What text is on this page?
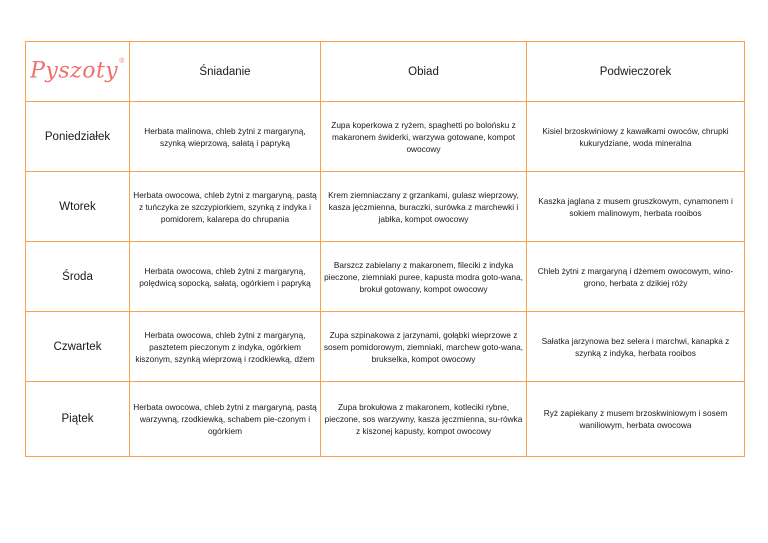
Pyszoty®	Śniadanie	Obiad	Podwieczorek
Poniedziałek	Herbata malinowa, chleb żytni z margaryną, szynką wieprzową, sałatą i papryką	Zupa koperkowa z ryżem, spaghetti po bolońsku z makaronem świderki, warzywa gotowane, kompot owocowy	Kisiel brzoskwiniowy z kawałkami owoców, chrupki kukurydziane, woda mineralna
Wtorek	Herbata owocowa, chleb żytni z margaryną, pastą z tuńczyka ze szczypiorkiem, szynką z indyka i pomidorem, kalarepa do chrupania	Krem ziemniaczany z grzankami, gulasz wieprzowy, kasza jęczmienna, buraczki, surówka z marchewki i jabłka, kompot owocowy	Kaszka jaglana z musem gruszkowym, cynamonem i sokiem malinowym, herbata rooibos
Środa	Herbata owocowa, chleb żytni z margaryną, polędwicą sopocką, sałatą, ogórkiem i papryką	Barszcz zabielany z makaronem, fileciki z indyka pieczone, ziemniaki puree, kapusta modra goto-wana, brokuł gotowany, kompot owocowy	Chleb żytni z margaryną i dżemem owocowym, wino-grono, herbata z dzikiej róży
Czwartek	Herbata owocowa, chleb żytni z margaryną, pasztetem pieczonym z indyka, ogórkiem kiszonym, szynką wieprzową i rzodkiewką, dżem	Zupa szpinakowa z jarzynami, gołąbki wieprzowe z sosem pomidorowym, ziemniaki, marchew goto-wana, brukselka, kompot owocowy	Sałatka jarzynowa bez selera i marchwi, kanapka z szynką z indyka, herbata rooibos
Piątek	Herbata owocowa, chleb żytni z margaryną, pastą warzywną, rzodkiewką, schabem pie-czonym i ogórkiem	Zupa brokułowa z makaronem, kotleciki rybne, pieczone, sos warzywny, kasza jęczmienna, su-rówka z kiszonej kapusty, kompot owocowy	Ryż zapiekany z musem brzoskwiniowym i sosem waniliowym, herbata owocowa
